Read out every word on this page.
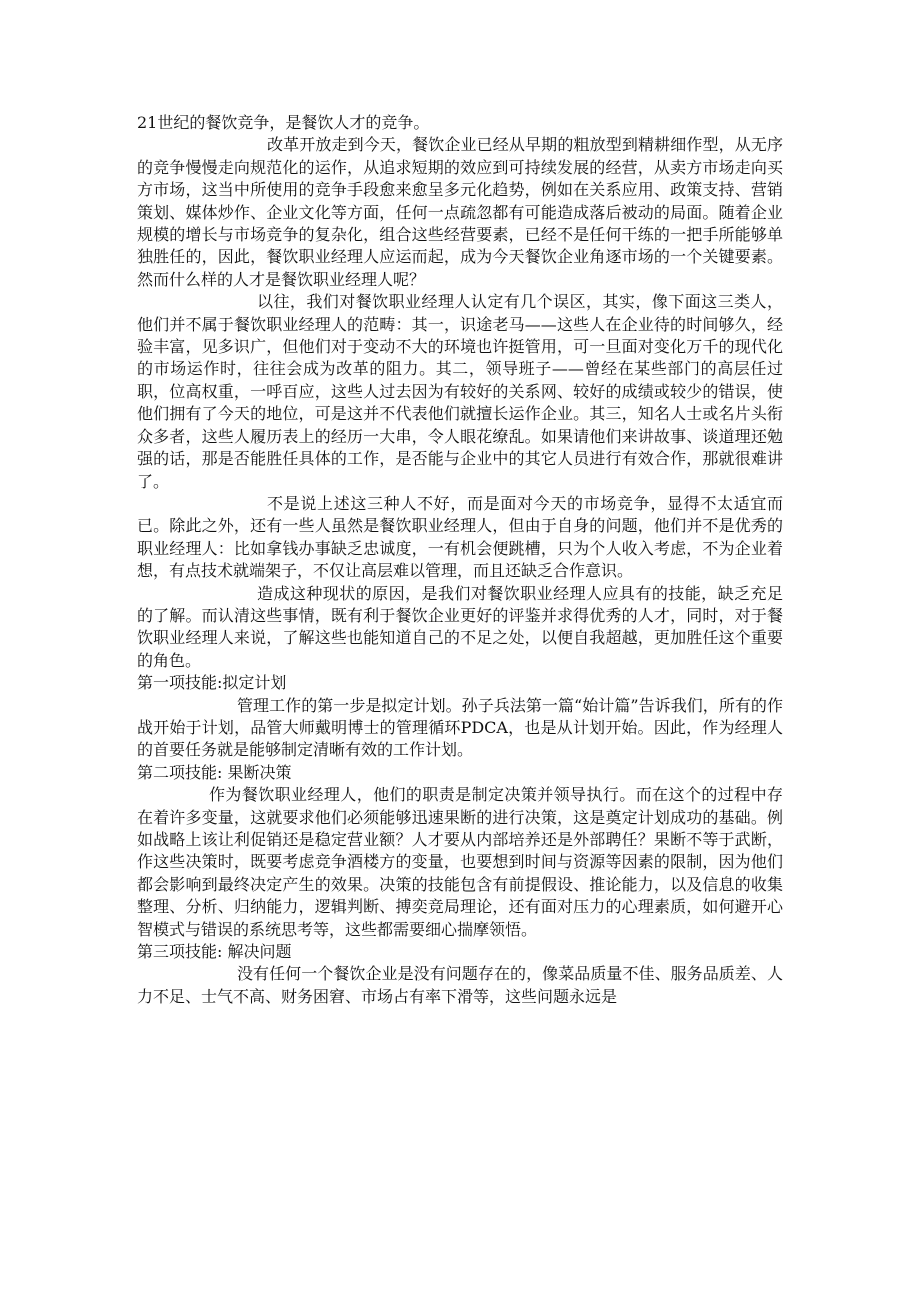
21世纪的餐饮竞争，是餐饮人才的竞争。

改革开放走到今天，餐饮企业已经从早期的粗放型到精耕细作型，从无序的竞争慢慢走向规范化的运作，从追求短期的效应到可持续发展的经营，从卖方市场走向买方市场，这当中所使用的竞争手段愈来愈呈多元化趋势，例如在关系应用、政策支持、营销策划、媒体炒作、企业文化等方面，任何一点疏忽都有可能造成落后被动的局面。随着企业规模的增长与市场竞争的复杂化，组合这些经营要素，已经不是任何干练的一把手所能够单独胜任的，因此，餐饮职业经理人应运而起，成为今天餐饮企业角逐市场的一个关键要素。然而什么样的人才是餐饮职业经理人呢？

以往，我们对餐饮职业经理人认定有几个误区，其实，像下面这三类人，他们并不属于餐饮职业经理人的范畴：其一，识途老马——这些人在企业待的时间够久，经验丰富，见多识广，但他们对于变动不大的环境也许挺管用，可一旦面对变化万千的现代化的市场运作时，往往会成为改革的阻力。其二，领导班子——曾经在某些部门的高层任过职，位高权重，一呼百应，这些人过去因为有较好的关系网、较好的成绩或较少的错误，使他们拥有了今天的地位，可是这并不代表他们就擅长运作企业。其三，知名人士或名片头衔众多者，这些人履历表上的经历一大串，令人眼花缭乱。如果请他们来讲故事、谈道理还勉强的话，那是否能胜任具体的工作，是否能与企业中的其它人员进行有效合作，那就很难讲了。

不是说上述这三种人不好，而是面对今天的市场竞争，显得不太适宜而已。除此之外，还有一些人虽然是餐饮职业经理人，但由于自身的问题，他们并不是优秀的职业经理人：比如拿钱办事缺乏忠诚度，一有机会便跳槽，只为个人收入考虑，不为企业着想，有点技术就端架子，不仅让高层难以管理，而且还缺乏合作意识。

造成这种现状的原因，是我们对餐饮职业经理人应具有的技能，缺乏充足的了解。而认清这些事情，既有利于餐饮企业更好的评鉴并求得优秀的人才，同时，对于餐饮职业经理人来说，了解这些也能知道自己的不足之处，以便自我超越，更加胜任这个重要的角色。

第一项技能:拟定计划

管理工作的第一步是拟定计划。孙子兵法第一篇“始计篇”告诉我们，所有的作战开始于计划，品管大师戴明博士的管理循环PDCA，也是从计划开始。因此，作为经理人的首要任务就是能够制定清晰有效的工作计划。

第二项技能: 果断决策

作为餐饮职业经理人，他们的职责是制定决策并领导执行。而在这个的过程中存在着许多变量，这就要求他们必须能够迅速果断的进行决策，这是奠定计划成功的基础。例如战略上该让利促销还是稳定营业额？人才要从内部培养还是外部聘任？果断不等于武断，作这些决策时，既要考虑竞争酒楼方的变量，也要想到时间与资源等因素的限制，因为他们都会影响到最终决定产生的效果。决策的技能包含有前提假设、推论能力，以及信息的收集整理、分析、归纳能力，逻辑判断、搏奕竞局理论，还有面对压力的心理素质，如何避开心智模式与错误的系统思考等，这些都需要细心揣摩领悟。

第三项技能: 解决问题

没有任何一个餐饮企业是没有问题存在的，像菜品质量不佳、服务品质差、人力不足、士气不高、财务困窘、市场占有率下滑等，这些问题永远是
